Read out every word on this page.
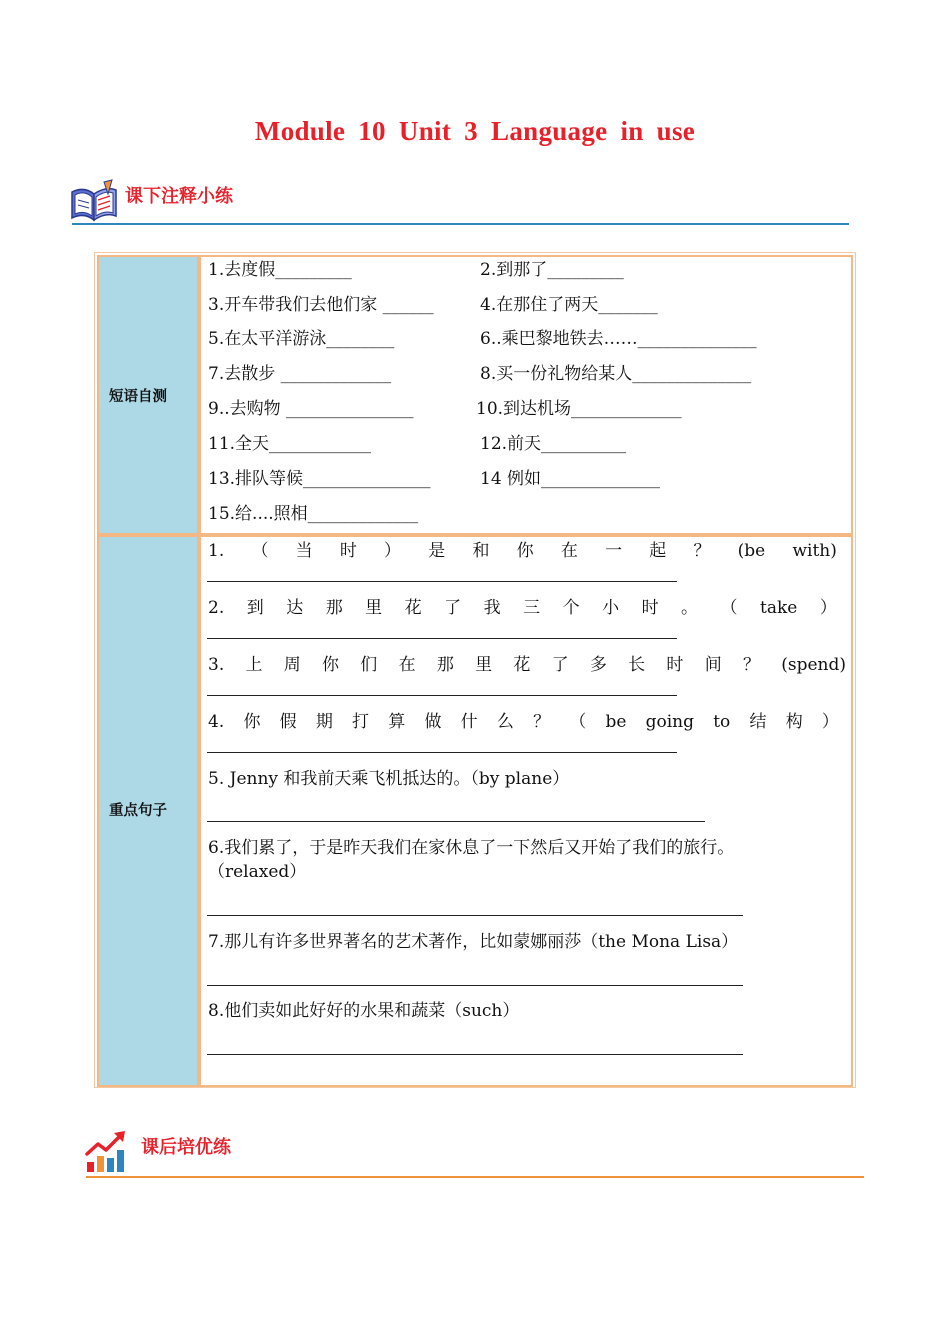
Module 10 Unit 3 Language in use
课下注释小练
短语自测
1.去度假_________	2.到那了_________
3.开车带我们去他们家 ______	4.在那住了两天_______
5.在太平洋游泳________	6..乘巴黎地铁去……______________
7.去散步 _____________	8.买一份礼物给某人______________
9..去购物 _______________	10.到达机场_____________
11.全天____________	12.前天__________
13.排队等候_______________	14 例如______________
15.给....照相_____________
重点句子
1. （ 当 时 ） 是 和 你 在 一 起 ？ (be with)
2. 到 达 那 里 花 了 我 三 个 小 时 。 （ take ）
3. 上 周 你 们 在 那 里 花 了 多 长 时 间 ？ (spend)
4. 你 假 期 打 算 做 什 么 ？ （ be going to 结 构 ）
5. Jenny 和我前天乘飞机抵达的。（by plane）
6.我们累了，于是昨天我们在家休息了一下然后又开始了我们的旅行。
（relaxed）
7.那儿有许多世界著名的艺术著作，比如蒙娜丽莎（the Mona Lisa）
8.他们卖如此好好的水果和蔬菜（such）
课后培优练
